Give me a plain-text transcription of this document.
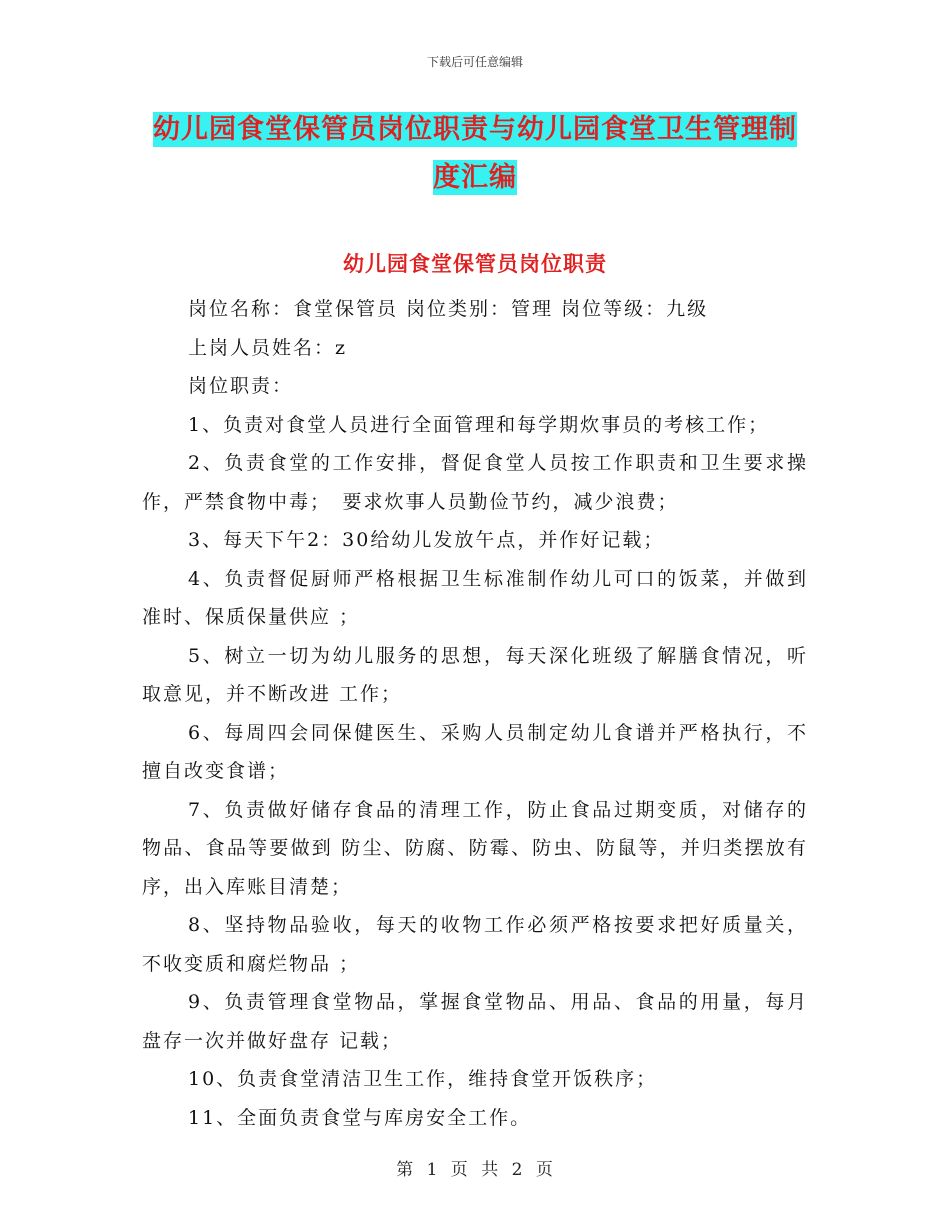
下载后可任意编辑
幼儿园食堂保管员岗位职责与幼儿园食堂卫生管理制
度汇编
幼儿园食堂保管员岗位职责

岗位名称：食堂保管员 岗位类别：管理 岗位等级：九级

上岗人员姓名：z

岗位职责：

1、负责对食堂人员进行全面管理和每学期炊事员的考核工作；

2、负责食堂的工作安排，督促食堂人员按工作职责和卫生要求操作，严禁食物中毒；　要求炊事人员勤俭节约，减少浪费；

3、每天下午2：30给幼儿发放午点，并作好记载；

4、负责督促厨师严格根据卫生标准制作幼儿可口的饭菜，并做到准时、保质保量供应 ；

5、树立一切为幼儿服务的思想，每天深化班级了解膳食情况，听取意见，并不断改进 工作；

6、每周四会同保健医生、采购人员制定幼儿食谱并严格执行，不擅自改变食谱；

7、负责做好储存食品的清理工作，防止食品过期变质，对储存的物品、食品等要做到 防尘、防腐、防霉、防虫、防鼠等，并归类摆放有序，出入库账目清楚；

8、坚持物品验收，每天的收物工作必须严格按要求把好质量关，不收变质和腐烂物品 ；

9、负责管理食堂物品，掌握食堂物品、用品、食品的用量，每月盘存一次并做好盘存 记载；

10、负责食堂清洁卫生工作，维持食堂开饭秩序；

11、全面负责食堂与库房安全工作。

第 1 页 共 2 页
